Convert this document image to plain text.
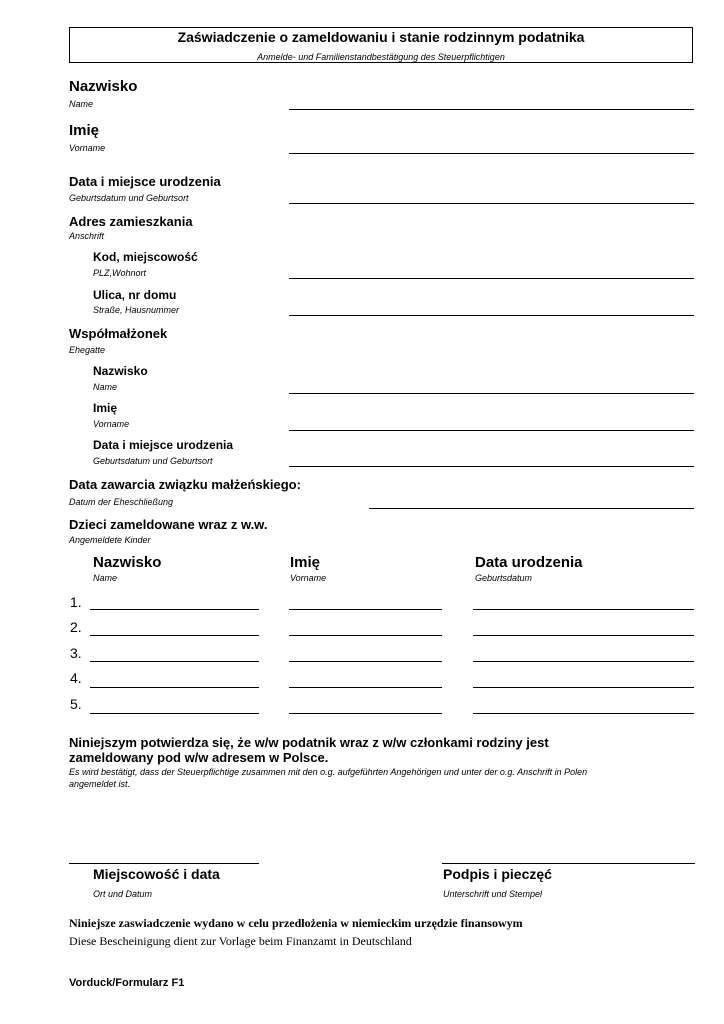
Zaświadczenie o zameldowaniu i stanie rodzinnym podatnika
Anmelde- und Familienstandbestätigung des Steuerpflichtigen
Nazwisko
Name
Imię
Vorname
Data i miejsce urodzenia
Geburtsdatum und Geburtsort
Adres zamieszkania
Anschrift
Kod, miejscowość
PLZ,Wohnort
Ulica, nr domu
Straße, Hausnummer
Współmałżonek
Ehegatte
Nazwisko
Name
Imię
Vorname
Data i miejsce urodzenia
Geburtsdatum und Geburtsort
Data zawarcia związku małżeńskiego:
Datum der Eheschließung
Dzieci zameldowane wraz z w.w.
Angemeldete Kinder
Nazwisko
Name
Imię
Vorname
Data urodzenia
Geburtsdatum
1.
2.
3.
4.
5.
Niniejszym potwierdza się, że w/w podatnik wraz z w/w członkami rodziny jest zameldowany pod w/w adresem w Polsce.
Es wird bestätigt, dass der Steuerpflichtige zusammen mit den o.g. aufgeführten Angehörigen und unter der o.g. Anschrift in Polen angemeldet ist.
Miejscowość i data
Ort und Datum
Podpis i pieczęć
Unterschrift und Stempel
Niniejsze zaswiadczenie wydano w celu przedłożenia w niemieckim urzędzie finansowym
Diese Bescheinigung dient zur Vorlage beim Finanzamt in Deutschland
Vorduck/Formularz F1
